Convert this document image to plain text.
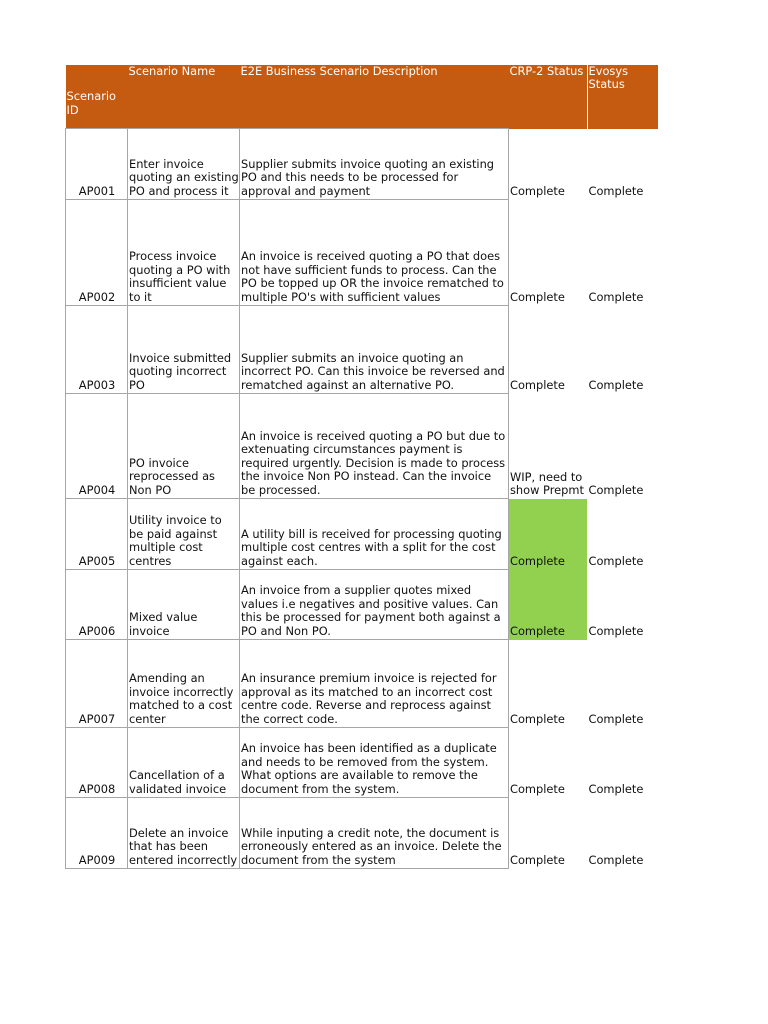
Scenario ID	Scenario Name	E2E Business Scenario Description	CRP-2 Status	Evosys Status
AP001	Enter invoice quoting an existing PO and process it	Supplier submits invoice quoting an existing PO and this needs to be processed for approval and payment	Complete	Complete
AP002	Process invoice quoting a PO with insufficient value to it	An invoice is received quoting a PO that does not have sufficient funds to process. Can the PO be topped up OR the invoice rematched to multiple PO's with sufficient values	Complete	Complete
AP003	Invoice submitted quoting incorrect PO	Supplier submits an invoice quoting an incorrect PO. Can this invoice be reversed and rematched against an alternative PO.	Complete	Complete
AP004	PO invoice reprocessed as Non PO	An invoice is received quoting a PO but due to extenuating circumstances payment is required urgently. Decision is made to process the invoice Non PO instead. Can the invoice be processed.	WIP, need to show Prepmt	Complete
AP005	Utility invoice to be paid against multiple cost centres	A utility bill is received for processing quoting multiple cost centres with a split for the cost against each.	Complete	Complete
AP006	Mixed value invoice	An invoice from a supplier quotes mixed values i.e negatives and positive values. Can this be processed for payment both against a PO and Non PO.	Complete	Complete
AP007	Amending an invoice incorrectly matched to a cost center	An insurance premium invoice is rejected for approval as its matched to an incorrect cost centre code. Reverse and reprocess against the correct code.	Complete	Complete
AP008	Cancellation of a validated invoice	An invoice has been identified as a duplicate and needs to be removed from the system. What options are available to remove the document from the system.	Complete	Complete
AP009	Delete an invoice that has been entered incorrectly	While inputing a credit note, the document is erroneously entered as an invoice. Delete the document from the system	Complete	Complete
